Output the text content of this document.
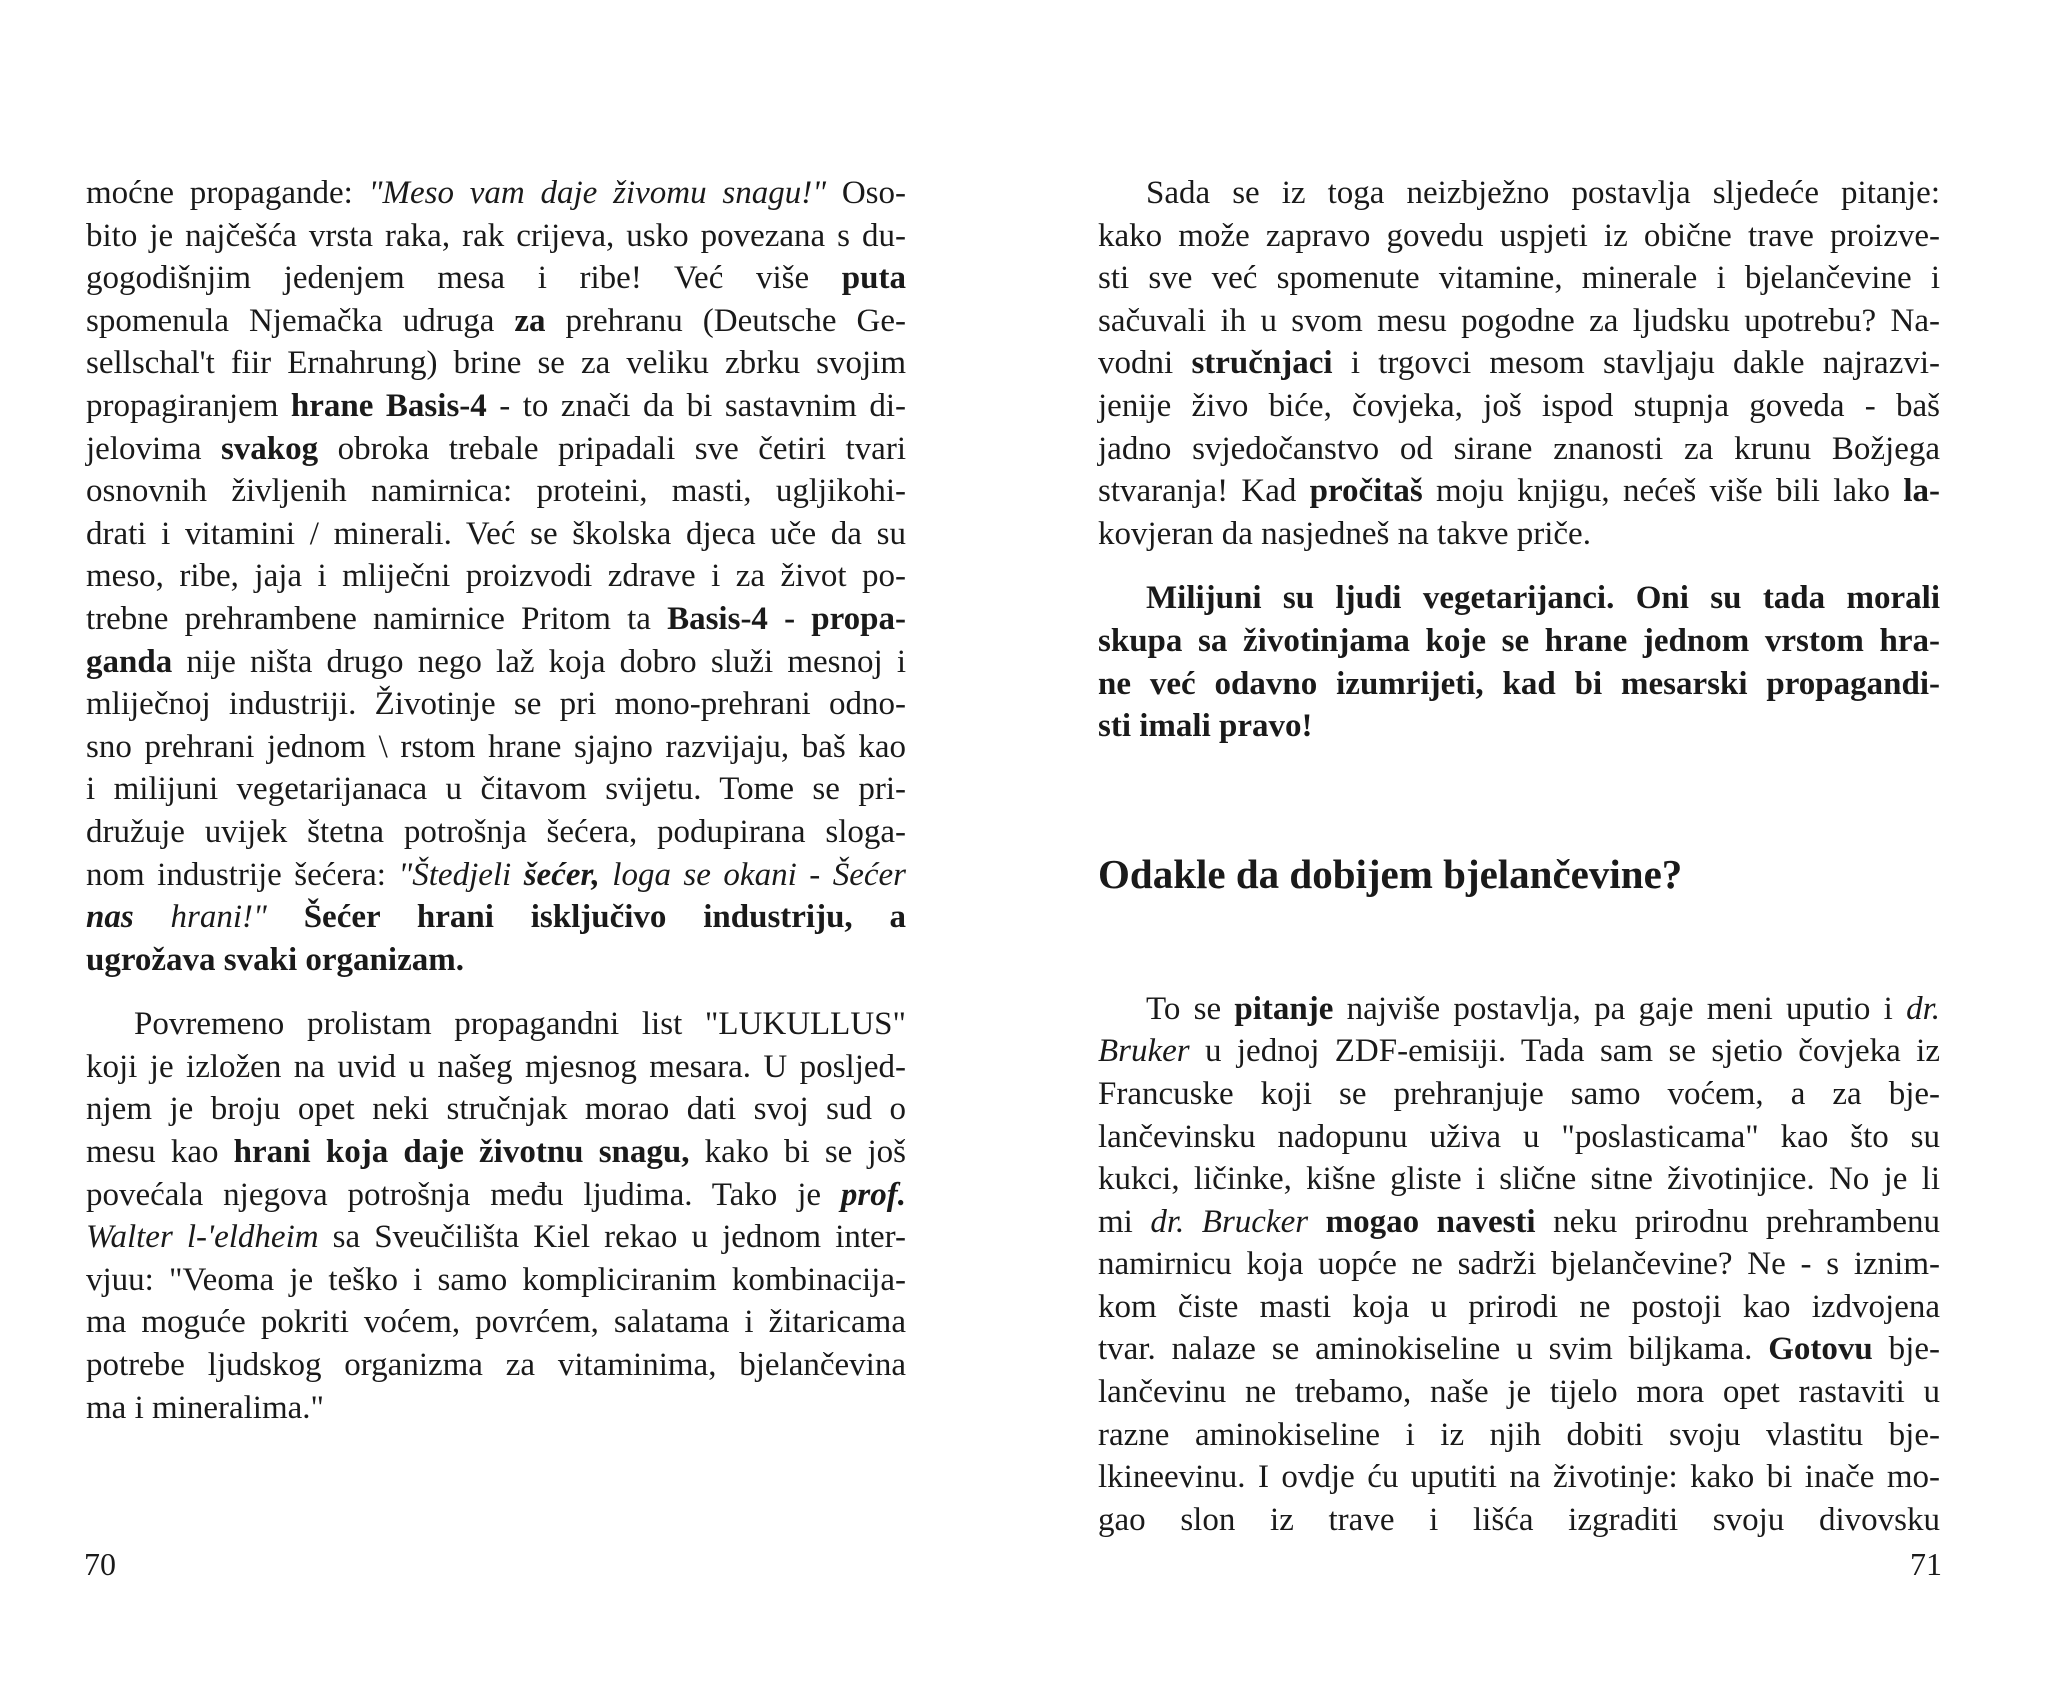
moćne propagande: "Meso vam daje živomu snagu!" Oso-
bito je najčešća vrsta raka, rak crijeva, usko povezana s du-
gogodišnjim jedenjem mesa i ribe! Već više puta
spomenula Njemačka udruga za prehranu (Deutsche Ge-
sellschal't fiir Ernahrung) brine se za veliku zbrku svojim
propagiranjem hrane Basis-4 - to znači da bi sastavnim di-
jelovima svakog obroka trebale pripadali sve četiri tvari
osnovnih življenih namirnica: proteini, masti, ugljikohi-
drati i vitamini / minerali. Već se školska djeca uče da su
meso, ribe, jaja i mliječni proizvodi zdrave i za život po-
trebne prehrambene namirnice Pritom ta Basis-4 - propa-
ganda nije ništa drugo nego laž koja dobro služi mesnoj i
mliječnoj industriji. Životinje se pri mono-prehrani odno-
sno prehrani jednom \ rstom hrane sjajno razvijaju, baš kao
i milijuni vegetarijanaca u čitavom svijetu. Tome se pri-
družuje uvijek štetna potrošnja šećera, podupirana sloga-
nom industrije šećera: "Štedjeli šećer, loga se okani - Šećer
nas hrani!" Šećer hrani isključivo industriju, a
ugrožava svaki organizam.
Povremeno prolistam propagandni list "LUKULLUS"
koji je izložen na uvid u našeg mjesnog mesara. U posljed-
njem je broju opet neki stručnjak morao dati svoj sud o
mesu kao hrani koja daje životnu snagu, kako bi se još
povećala njegova potrošnja među ljudima. Tako je prof.
Walter l-'eldheim sa Sveučilišta Kiel rekao u jednom inter-
vjuu: "Veoma je teško i samo kompliciranim kombinacija-
ma moguće pokriti voćem, povrćem, salatama i žitaricama
potrebe ljudskog organizma za vitaminima, bjelančevina
ma i mineralima."
70
Sada se iz toga neizbježno postavlja sljedeće pitanje:
kako može zapravo govedu uspjeti iz obične trave proizve-
sti sve već spomenute vitamine, minerale i bjelančevine i
sačuvali ih u svom mesu pogodne za ljudsku upotrebu? Na-
vodni stručnjaci i trgovci mesom stavljaju dakle najrazvi-
jenije živo biće, čovjeka, još ispod stupnja goveda - baš
jadno svjedočanstvo od sirane znanosti za krunu Božjega
stvaranja! Kad pročitaš moju knjigu, nećeš više bili lako la-
kovjeran da nasjedneš na takve priče.
Milijuni su ljudi vegetarijanci. Oni su tada morali
skupa sa životinjama koje se hrane jednom vrstom hra-
ne već odavno izumrijeti, kad bi mesarski propagandi-
sti imali pravo!
Odakle da dobijem bjelančevine?
To se pitanje najviše postavlja, pa gaje meni uputio i dr.
Bruker u jednoj ZDF-emisiji. Tada sam se sjetio čovjeka iz
Francuske koji se prehranjuje samo voćem, a za bje-
lančevinsku nadopunu uživa u "poslasticama" kao što su
kukci, ličinke, kišne gliste i slične sitne životinjice. No je li
mi dr. Brucker mogao navesti neku prirodnu prehrambenu
namirnicu koja uopće ne sadrži bjelančevine? Ne - s iznim-
kom čiste masti koja u prirodi ne postoji kao izdvojena
tvar. nalaze se aminokiseline u svim biljkama. Gotovu bje-
lančevinu ne trebamo, naše je tijelo mora opet rastaviti u
razne aminokiseline i iz njih dobiti svoju vlastitu bje-
lkineevinu. I ovdje ću uputiti na životinje: kako bi inače mo-
gao slon iz trave i lišća izgraditi svoju divovsku
71
